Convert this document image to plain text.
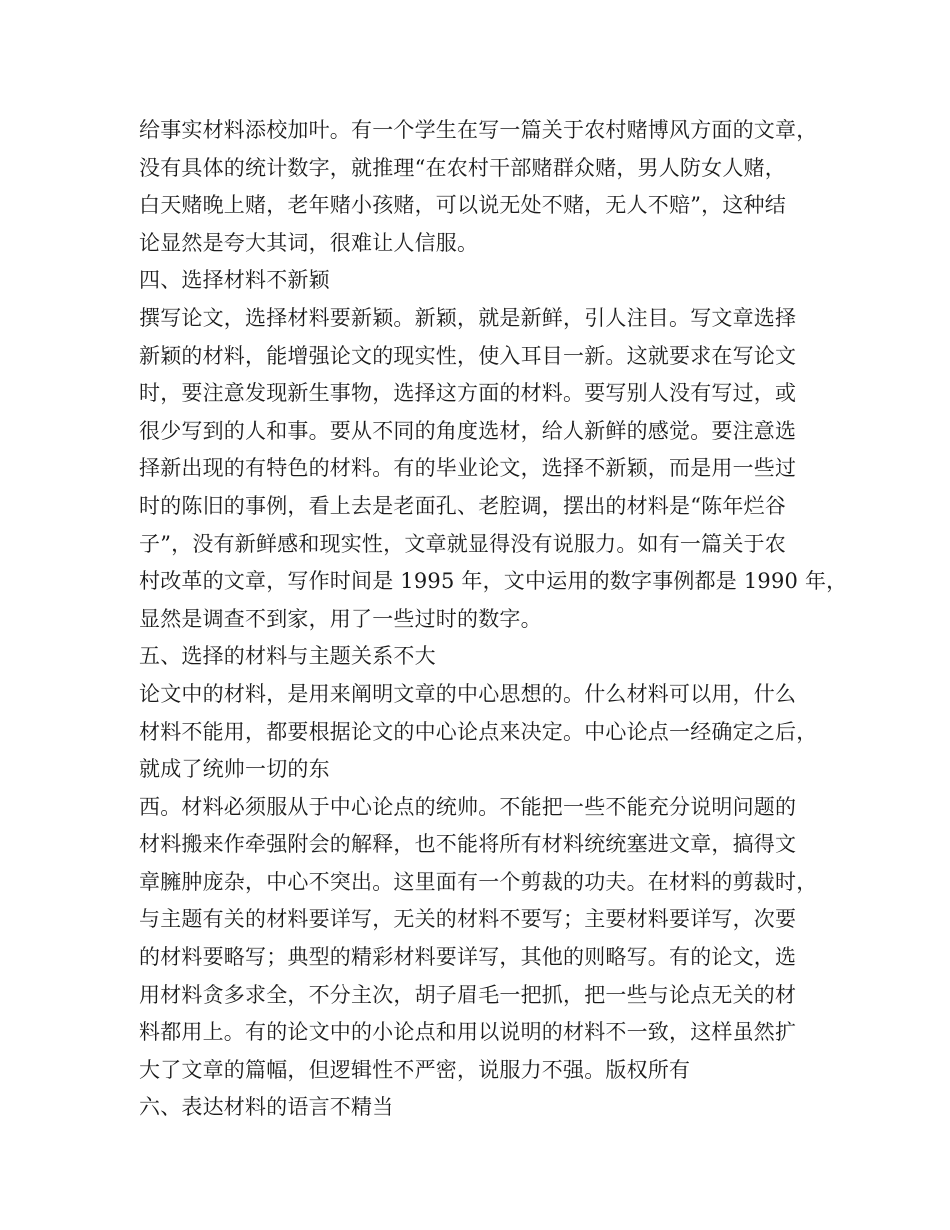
给事实材料添校加叶。有一个学生在写一篇关于农村赌博风方面的文章，
没有具体的统计数字，就推理“在农村干部赌群众赌，男人防女人赌，
白天赌晚上赌，老年赌小孩赌，可以说无处不赌，无人不赔”，这种结
论显然是夸大其词，很难让人信服。
四、选择材料不新颖
撰写论文，选择材料要新颖。新颖，就是新鲜，引人注目。写文章选择
新颖的材料，能增强论文的现实性，使入耳目一新。这就要求在写论文
时，要注意发现新生事物，选择这方面的材料。要写别人没有写过，或
很少写到的人和事。要从不同的角度选材，给人新鲜的感觉。要注意选
择新出现的有特色的材料。有的毕业论文，选择不新颖，而是用一些过
时的陈旧的事例，看上去是老面孔、老腔调，摆出的材料是“陈年烂谷
子”，没有新鲜感和现实性，文章就显得没有说服力。如有一篇关于农
村改革的文章，写作时间是 1995 年，文中运用的数字事例都是 1990 年，
显然是调查不到家，用了一些过时的数字。
五、选择的材料与主题关系不大
论文中的材料，是用来阐明文章的中心思想的。什么材料可以用，什么
材料不能用，都要根据论文的中心论点来决定。中心论点一经确定之后，
就成了统帅一切的东
西。材料必须服从于中心论点的统帅。不能把一些不能充分说明问题的
材料搬来作牵强附会的解释，也不能将所有材料统统塞进文章，搞得文
章臃肿庞杂，中心不突出。这里面有一个剪裁的功夫。在材料的剪裁时，
与主题有关的材料要详写，无关的材料不要写；主要材料要详写，次要
的材料要略写；典型的精彩材料要详写，其他的则略写。有的论文，选
用材料贪多求全，不分主次，胡子眉毛一把抓，把一些与论点无关的材
料都用上。有的论文中的小论点和用以说明的材料不一致，这样虽然扩
大了文章的篇幅，但逻辑性不严密，说服力不强。版权所有
六、表达材料的语言不精当
